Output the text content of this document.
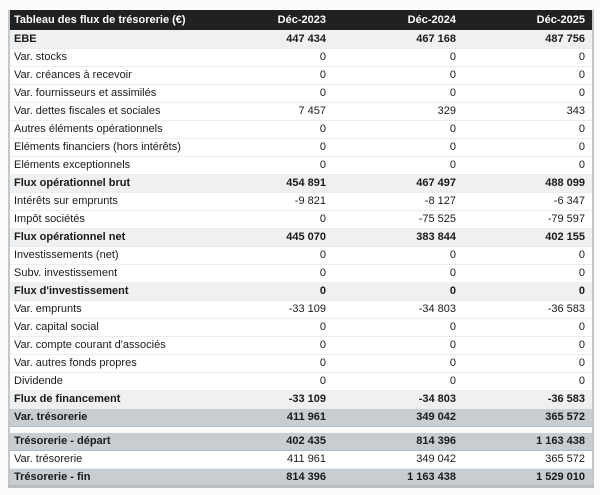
Tableau des flux de trésorerie (€)	Déc-2023	Déc-2024	Déc-2025
EBE	447 434	467 168	487 756
Var. stocks	0	0	0
Var. créances à recevoir	0	0	0
Var. fournisseurs et assimilés	0	0	0
Var. dettes fiscales et sociales	7 457	329	343
Autres éléments opérationnels	0	0	0
Eléments financiers (hors intérêts)	0	0	0
Eléments exceptionnels	0	0	0
Flux opérationnel brut	454 891	467 497	488 099
Intérêts sur emprunts	-9 821	-8 127	-6 347
Impôt sociétés	0	-75 525	-79 597
Flux opérationnel net	445 070	383 844	402 155
Investissements (net)	0	0	0
Subv. investissement	0	0	0
Flux d'investissement	0	0	0
Var. emprunts	-33 109	-34 803	-36 583
Var. capital social	0	0	0
Var. compte courant d'associés	0	0	0
Var. autres fonds propres	0	0	0
Dividende	0	0	0
Flux de financement	-33 109	-34 803	-36 583
Var. trésorerie	411 961	349 042	365 572

Trésorerie - départ	402 435	814 396	1 163 438
Var. trésorerie	411 961	349 042	365 572
Trésorerie - fin	814 396	1 163 438	1 529 010
